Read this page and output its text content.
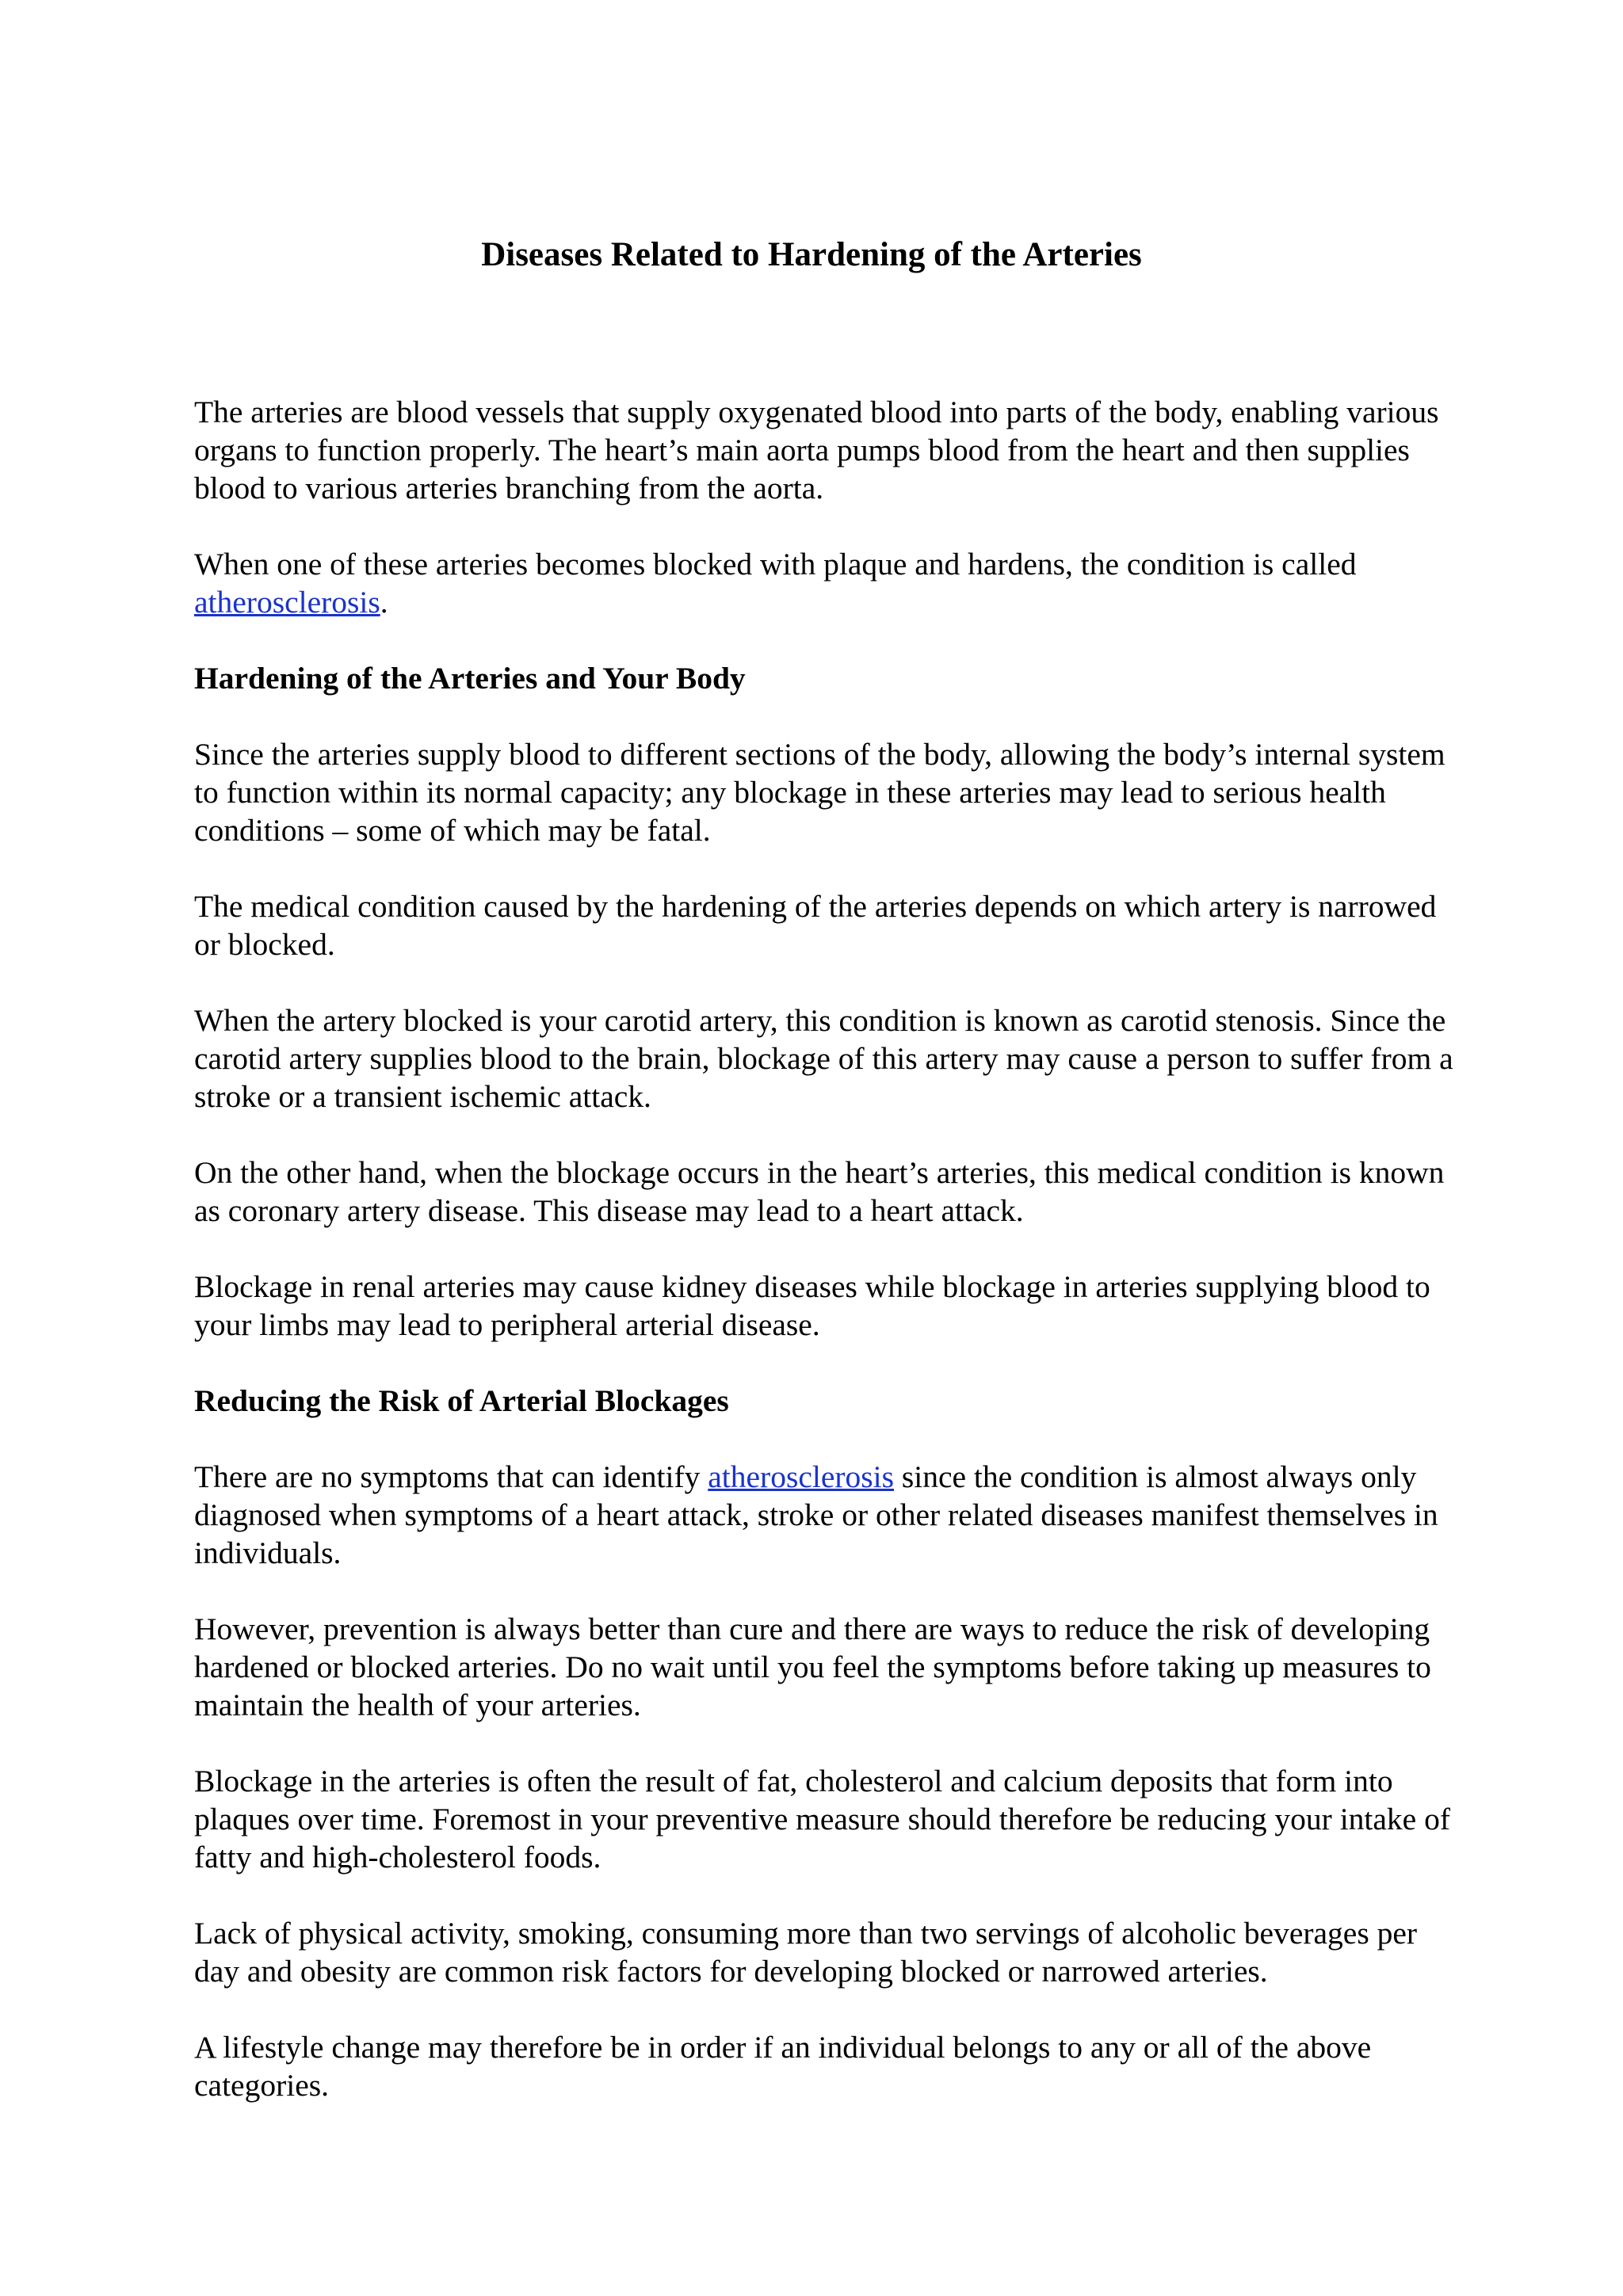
Diseases Related to Hardening of the Arteries

The arteries are blood vessels that supply oxygenated blood into parts of the body, enabling various organs to function properly. The heart’s main aorta pumps blood from the heart and then supplies blood to various arteries branching from the aorta.

When one of these arteries becomes blocked with plaque and hardens, the condition is called atherosclerosis.

Hardening of the Arteries and Your Body

Since the arteries supply blood to different sections of the body, allowing the body’s internal system to function within its normal capacity; any blockage in these arteries may lead to serious health conditions – some of which may be fatal.

The medical condition caused by the hardening of the arteries depends on which artery is narrowed or blocked.

When the artery blocked is your carotid artery, this condition is known as carotid stenosis. Since the carotid artery supplies blood to the brain, blockage of this artery may cause a person to suffer from a stroke or a transient ischemic attack.

On the other hand, when the blockage occurs in the heart’s arteries, this medical condition is known as coronary artery disease. This disease may lead to a heart attack.

Blockage in renal arteries may cause kidney diseases while blockage in arteries supplying blood to your limbs may lead to peripheral arterial disease.

Reducing the Risk of Arterial Blockages

There are no symptoms that can identify atherosclerosis since the condition is almost always only diagnosed when symptoms of a heart attack, stroke or other related diseases manifest themselves in individuals.

However, prevention is always better than cure and there are ways to reduce the risk of developing hardened or blocked arteries. Do no wait until you feel the symptoms before taking up measures to maintain the health of your arteries.

Blockage in the arteries is often the result of fat, cholesterol and calcium deposits that form into plaques over time. Foremost in your preventive measure should therefore be reducing your intake of fatty and high-cholesterol foods.

Lack of physical activity, smoking, consuming more than two servings of alcoholic beverages per day and obesity are common risk factors for developing blocked or narrowed arteries.

A lifestyle change may therefore be in order if an individual belongs to any or all of the above categories.
